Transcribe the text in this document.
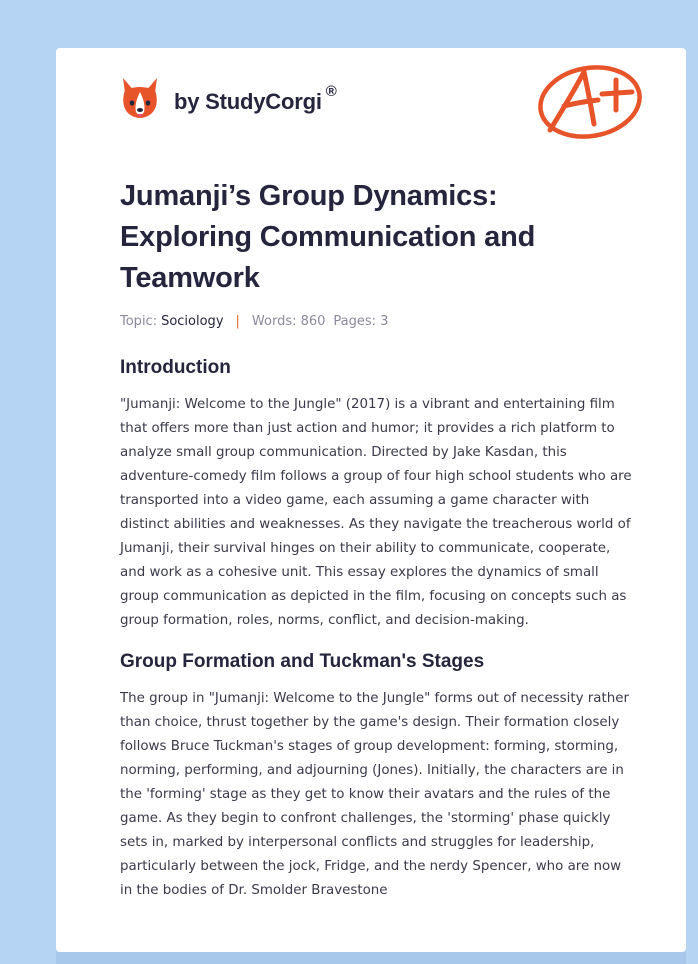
by StudyCorgi ®
Jumanji’s Group Dynamics: Exploring Communication and Teamwork
Topic: Sociology | Words: 860 Pages: 3
Introduction

"Jumanji: Welcome to the Jungle" (2017) is a vibrant and entertaining film that offers more than just action and humor; it provides a rich platform to analyze small group communication. Directed by Jake Kasdan, this adventure-comedy film follows a group of four high school students who are transported into a video game, each assuming a game character with distinct abilities and weaknesses. As they navigate the treacherous world of Jumanji, their survival hinges on their ability to communicate, cooperate, and work as a cohesive unit. This essay explores the dynamics of small group communication as depicted in the film, focusing on concepts such as group formation, roles, norms, conflict, and decision-making.

Group Formation and Tuckman's Stages

The group in "Jumanji: Welcome to the Jungle" forms out of necessity rather than choice, thrust together by the game's design. Their formation closely follows Bruce Tuckman's stages of group development: forming, storming, norming, performing, and adjourning (Jones). Initially, the characters are in the 'forming' stage as they get to know their avatars and the rules of the game. As they begin to confront challenges, the 'storming' phase quickly sets in, marked by interpersonal conflicts and struggles for leadership, particularly between the jock, Fridge, and the nerdy Spencer, who are now in the bodies of Dr. Smolder Bravestone
